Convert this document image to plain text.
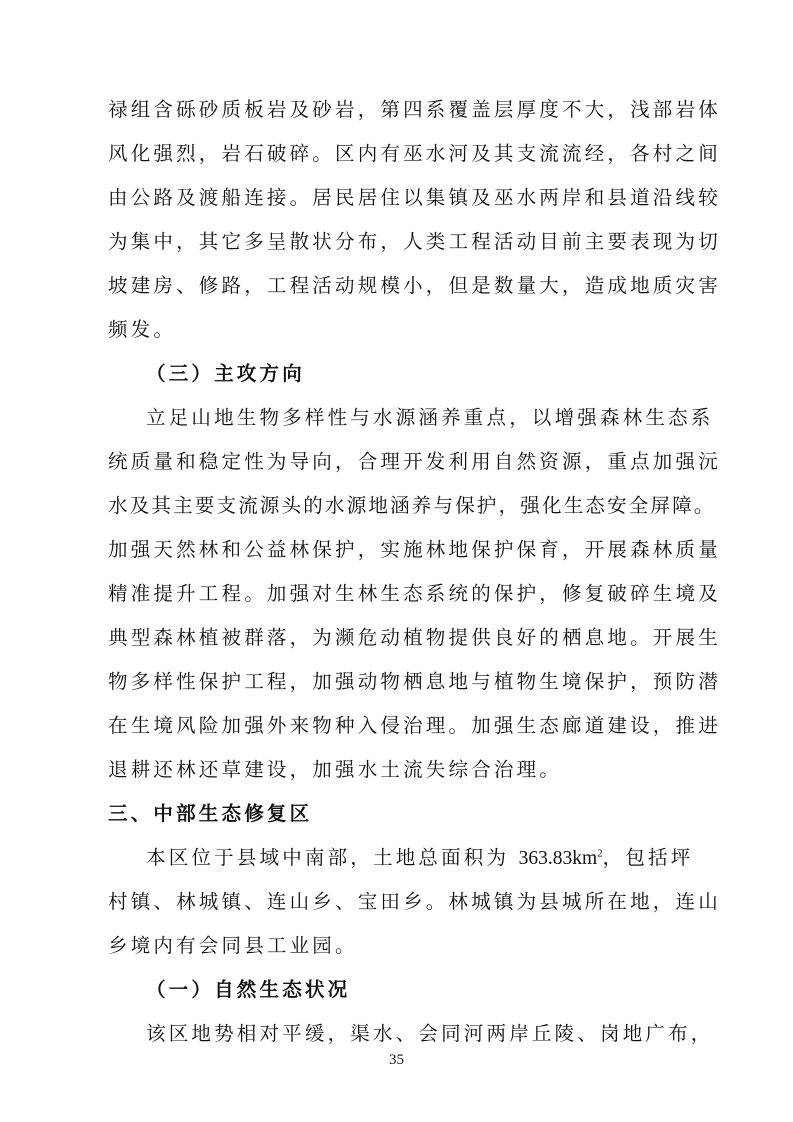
禄组含砾砂质板岩及砂岩，第四系覆盖层厚度不大，浅部岩体
风化强烈，岩石破碎。区内有巫水河及其支流流经，各村之间
由公路及渡船连接。居民居住以集镇及巫水两岸和县道沿线较
为集中，其它多呈散状分布，人类工程活动目前主要表现为切
坡建房、修路，工程活动规模小，但是数量大，造成地质灾害
频发。
（三）主攻方向
立足山地生物多样性与水源涵养重点，以增强森林生态系
统质量和稳定性为导向，合理开发利用自然资源，重点加强沅
水及其主要支流源头的水源地涵养与保护，强化生态安全屏障。
加强天然林和公益林保护，实施林地保护保育，开展森林质量
精准提升工程。加强对生林生态系统的保护，修复破碎生境及
典型森林植被群落，为濒危动植物提供良好的栖息地。开展生
物多样性保护工程，加强动物栖息地与植物生境保护，预防潜
在生境风险加强外来物种入侵治理。加强生态廊道建设，推进
退耕还林还草建设，加强水土流失综合治理。
三、中部生态修复区
本区位于县域中南部，土地总面积为 $363.83km^2$，包括坪
村镇、林城镇、连山乡、宝田乡。林城镇为县城所在地，连山
乡境内有会同县工业园。
（一）自然生态状况
该区地势相对平缓，渠水、会同河两岸丘陵、岗地广布，
35
